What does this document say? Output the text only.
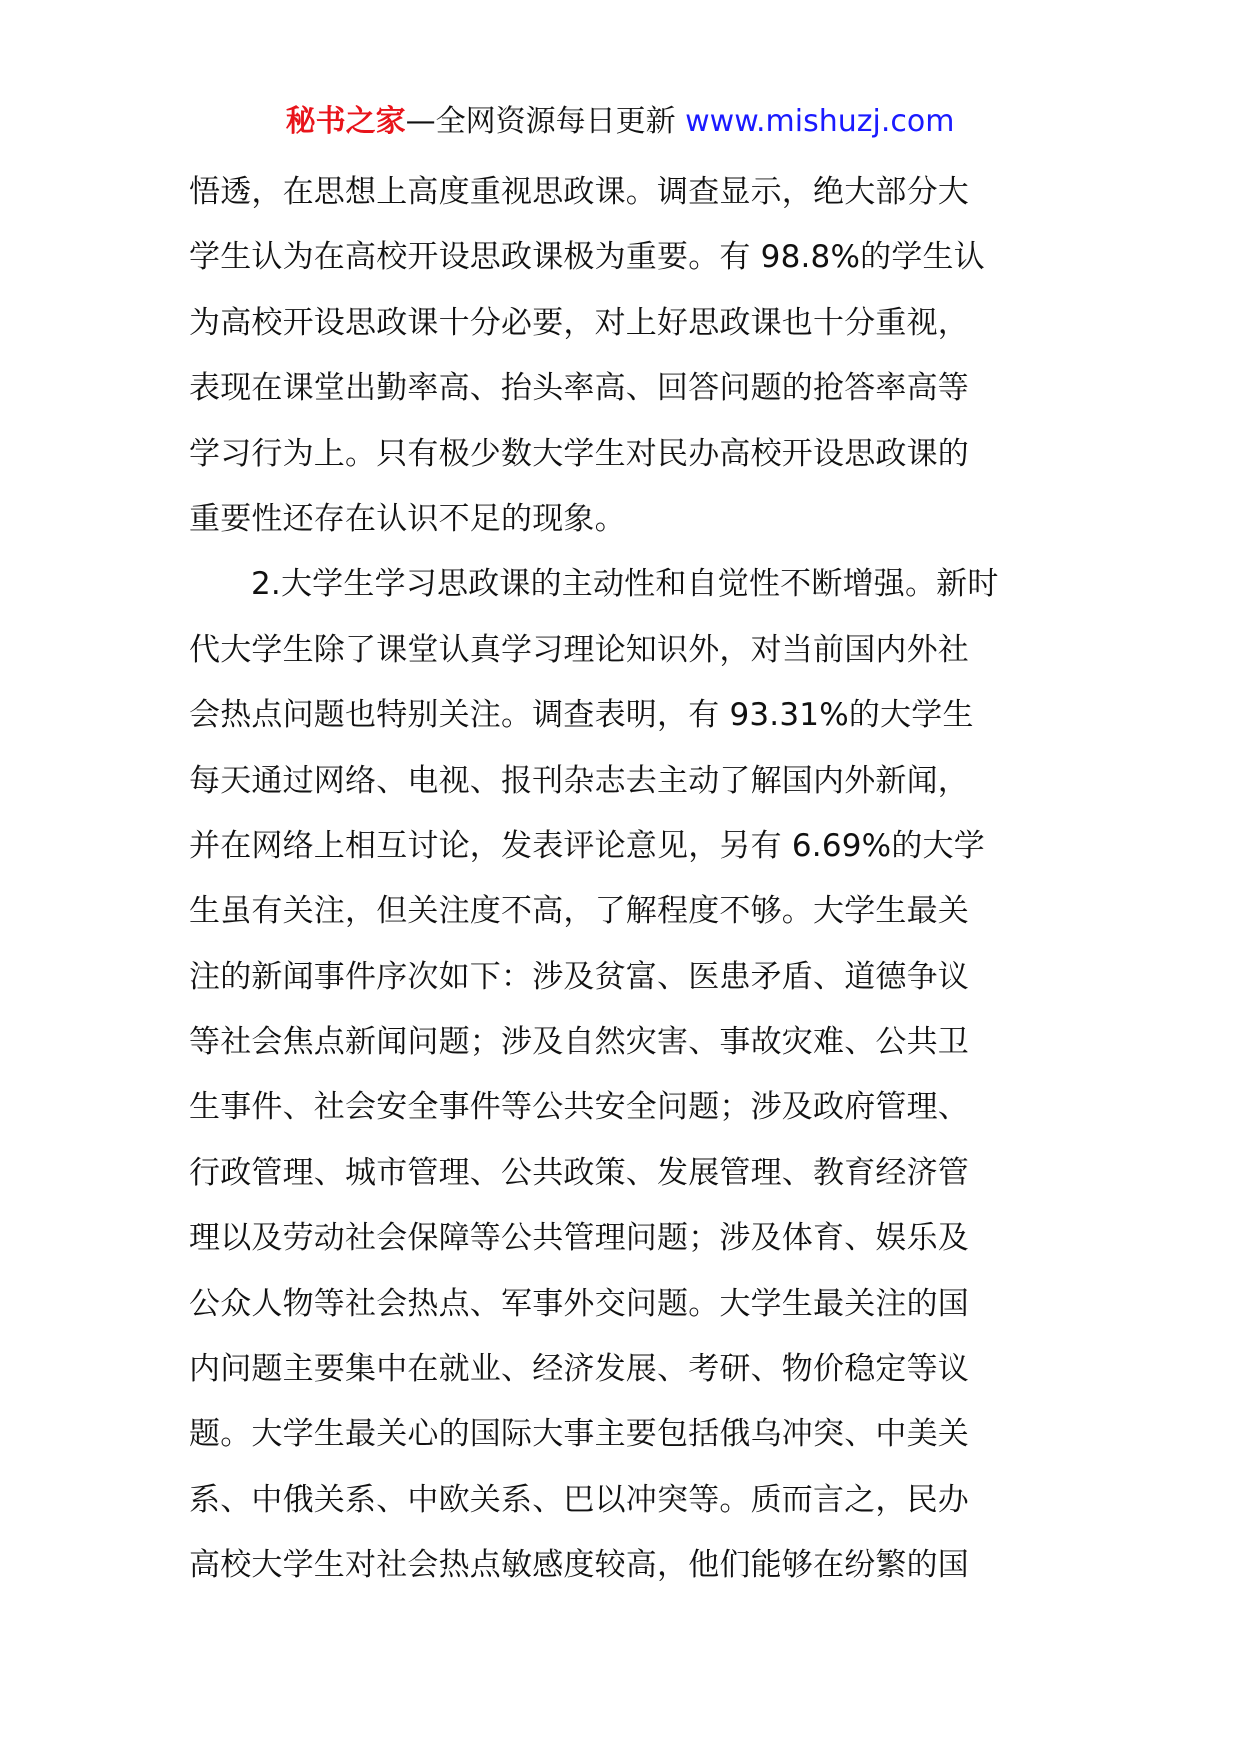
秘书之家—全网资源每日更新 www.mishuzj.com
悟透，在思想上高度重视思政课。调查显示，绝大部分大
学生认为在高校开设思政课极为重要。有 98.8%的学生认
为高校开设思政课十分必要，对上好思政课也十分重视，
表现在课堂出勤率高、抬头率高、回答问题的抢答率高等
学习行为上。只有极少数大学生对民办高校开设思政课的
重要性还存在认识不足的现象。
2.大学生学习思政课的主动性和自觉性不断增强。新时
代大学生除了课堂认真学习理论知识外，对当前国内外社
会热点问题也特别关注。调查表明，有 93.31%的大学生
每天通过网络、电视、报刊杂志去主动了解国内外新闻，
并在网络上相互讨论，发表评论意见，另有 6.69%的大学
生虽有关注，但关注度不高，了解程度不够。大学生最关
注的新闻事件序次如下：涉及贫富、医患矛盾、道德争议
等社会焦点新闻问题；涉及自然灾害、事故灾难、公共卫
生事件、社会安全事件等公共安全问题；涉及政府管理、
行政管理、城市管理、公共政策、发展管理、教育经济管
理以及劳动社会保障等公共管理问题；涉及体育、娱乐及
公众人物等社会热点、军事外交问题。大学生最关注的国
内问题主要集中在就业、经济发展、考研、物价稳定等议
题。大学生最关心的国际大事主要包括俄乌冲突、中美关
系、中俄关系、中欧关系、巴以冲突等。质而言之，民办
高校大学生对社会热点敏感度较高，他们能够在纷繁的国
